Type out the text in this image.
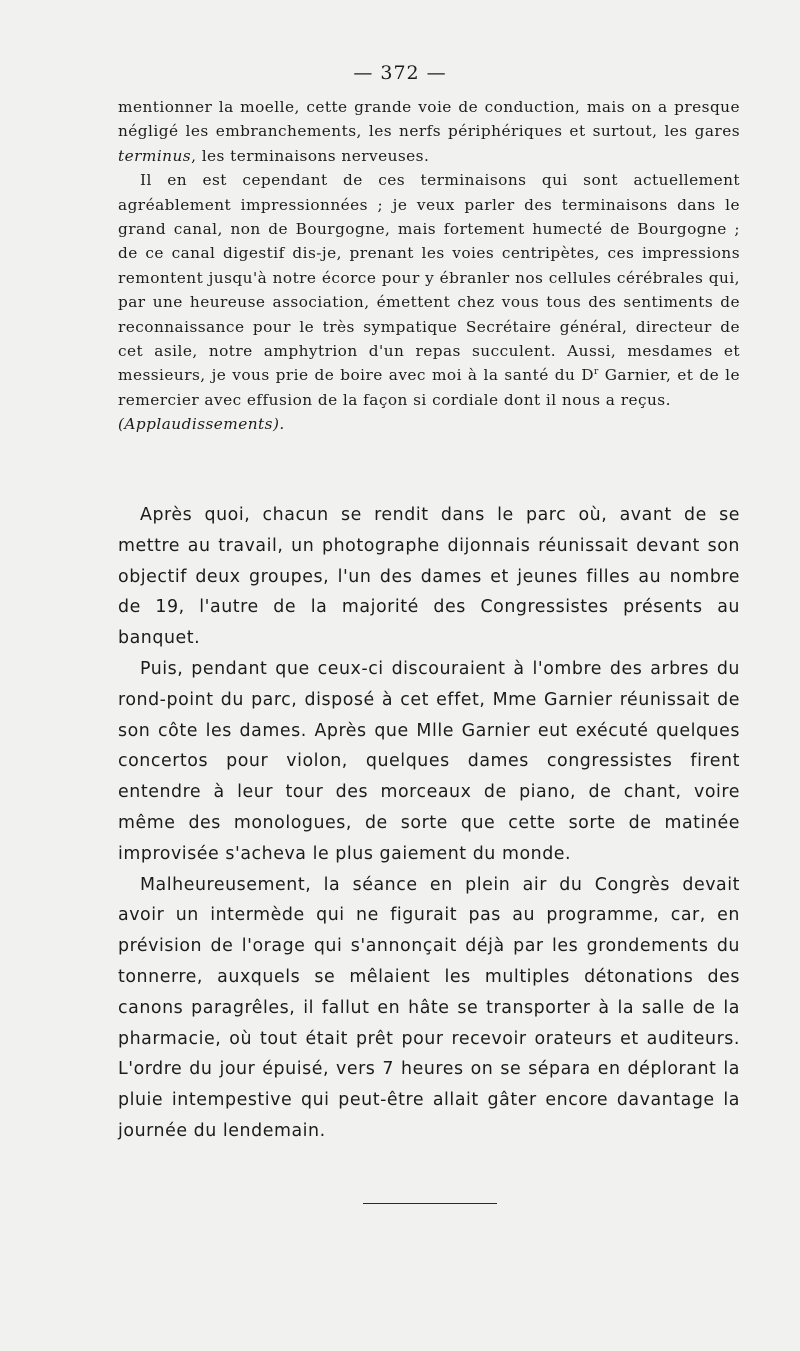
— 372 —

mentionner la moelle, cette grande voie de conduction, mais on a presque négligé les embranchements, les nerfs périphériques et surtout, les gares terminus, les terminaisons nerveuses.

Il en est cependant de ces terminaisons qui sont actuellement agréablement impressionnées ; je veux parler des terminaisons dans le grand canal, non de Bourgogne, mais fortement humecté de Bourgogne ; de ce canal digestif dis-je, prenant les voies centripètes, ces impressions remontent jusqu'à notre écorce pour y ébranler nos cellules cérébrales qui, par une heureuse association, émettent chez vous tous des sentiments de reconnaissance pour le très sympatique Secrétaire général, directeur de cet asile, notre amphytrion d'un repas succulent. Aussi, mesdames et messieurs, je vous prie de boire avec moi à la santé du $D^r$ Garnier, et de le remercier avec effusion de la façon si cordiale dont il nous a reçus.
(Applaudissements).

Après quoi, chacun se rendit dans le parc où, avant de se mettre au travail, un photographe dijonnais réunissait devant son objectif deux groupes, l'un des dames et jeunes filles au nombre de 19, l'autre de la majorité des Congressistes présents au banquet.

Puis, pendant que ceux-ci discouraient à l'ombre des arbres du rond-point du parc, disposé à cet effet, Mme Garnier réunissait de son côte les dames. Après que Mlle Garnier eut exécuté quelques concertos pour violon, quelques dames congressistes firent entendre à leur tour des morceaux de piano, de chant, voire même des monologues, de sorte que cette sorte de matinée improvisée s'acheva le plus gaiement du monde.

Malheureusement, la séance en plein air du Congrès devait avoir un intermède qui ne figurait pas au programme, car, en prévision de l'orage qui s'annonçait déjà par les grondements du tonnerre, auxquels se mêlaient les multiples détonations des canons paragrêles, il fallut en hâte se transporter à la salle de la pharmacie, où tout était prêt pour recevoir orateurs et auditeurs. L'ordre du jour épuisé, vers 7 heures on se sépara en déplorant la pluie intempestive qui peut-être allait gâter encore davantage la journée du lendemain.
